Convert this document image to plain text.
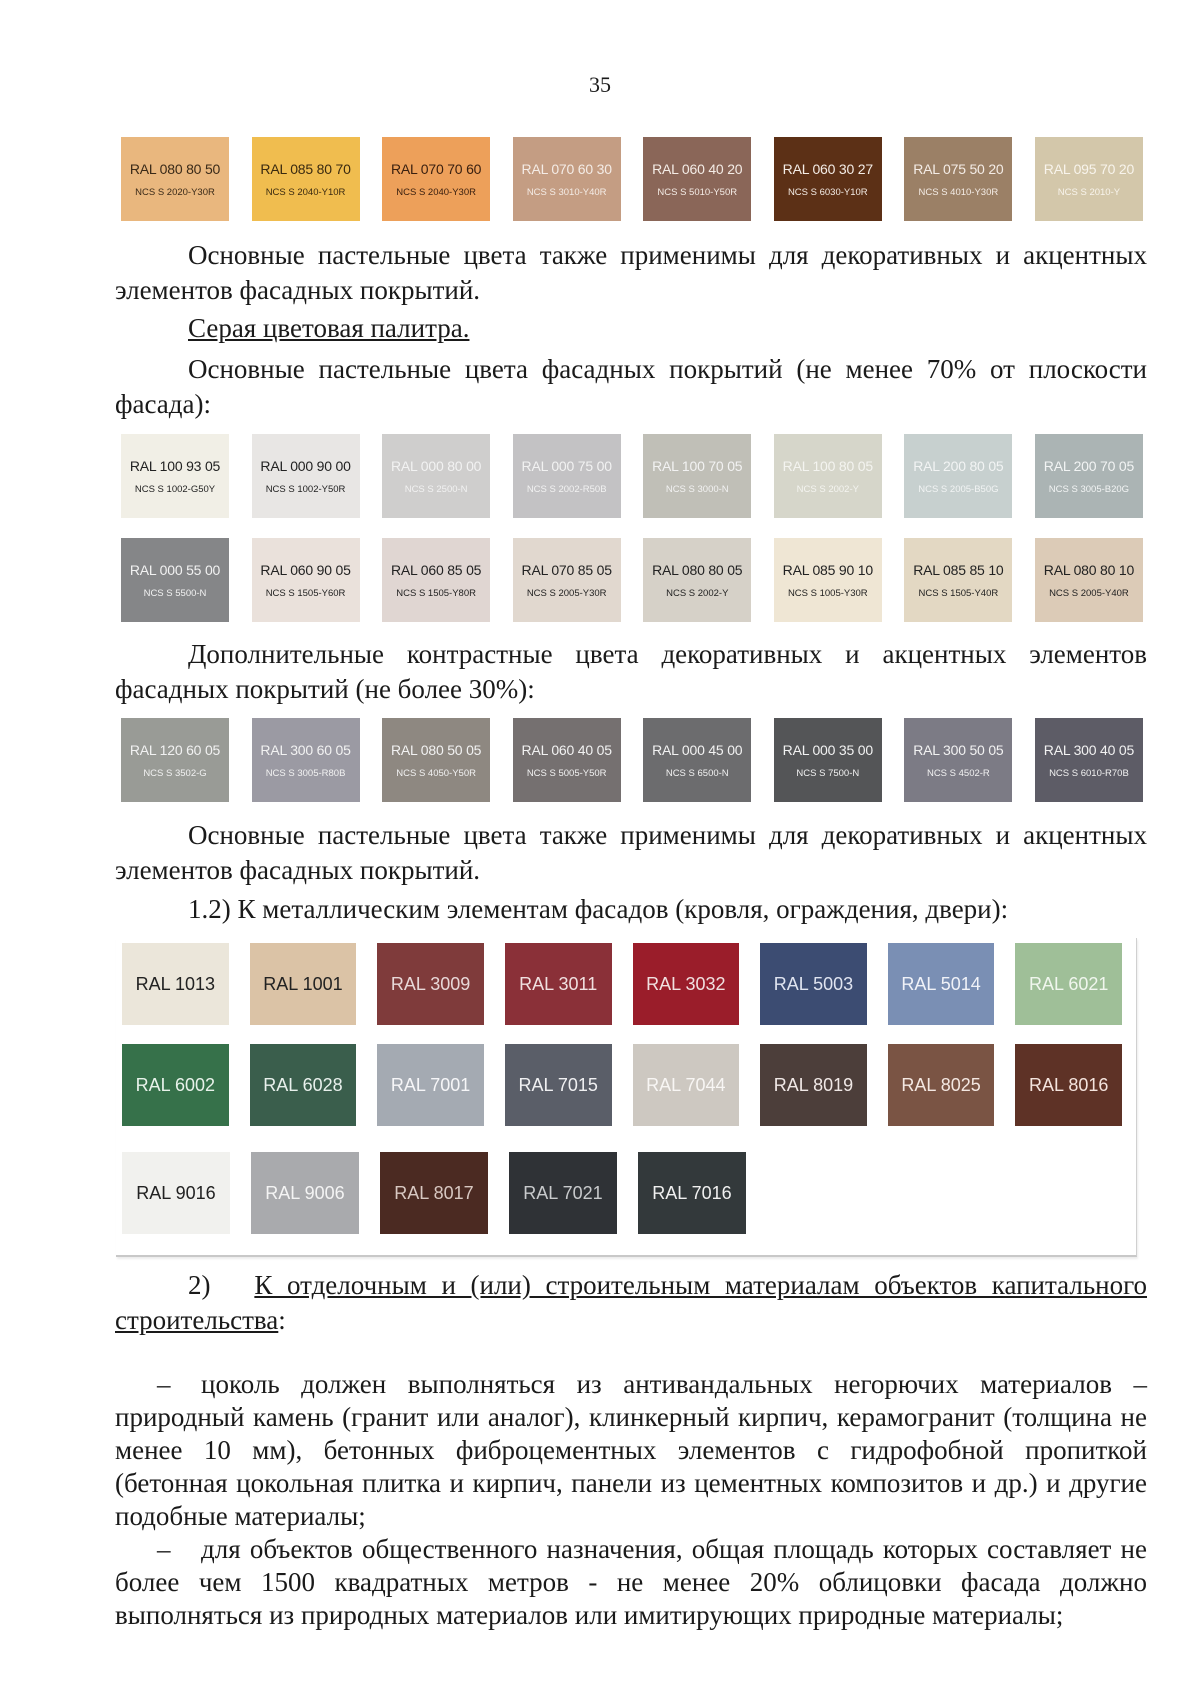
35
RAL 080 80 50
NCS S 2020-Y30R
RAL 085 80 70
NCS S 2040-Y10R
RAL 070 70 60
NCS S 2040-Y30R
RAL 070 60 30
NCS S 3010-Y40R
RAL 060 40 20
NCS S 5010-Y50R
RAL 060 30 27
NCS S 6030-Y10R
RAL 075 50 20
NCS S 4010-Y30R
RAL 095 70 20
NCS S 2010-Y

Основные пастельные цвета также применимы для декоративных и акцентных элементов фасадных покрытий.

Серая цветовая палитра.

Основные пастельные цвета фасадных покрытий (не менее 70% от плоскости фасада):

RAL 100 93 05
NCS S 1002-G50Y
RAL 000 90 00
NCS S 1002-Y50R
RAL 000 80 00
NCS S 2500-N
RAL 000 75 00
NCS S 2002-R50B
RAL 100 70 05
NCS S 3000-N
RAL 100 80 05
NCS S 2002-Y
RAL 200 80 05
NCS S 2005-B50G
RAL 200 70 05
NCS S 3005-B20G
RAL 000 55 00
NCS S 5500-N
RAL 060 90 05
NCS S 1505-Y60R
RAL 060 85 05
NCS S 1505-Y80R
RAL 070 85 05
NCS S 2005-Y30R
RAL 080 80 05
NCS S 2002-Y
RAL 085 90 10
NCS S 1005-Y30R
RAL 085 85 10
NCS S 1505-Y40R
RAL 080 80 10
NCS S 2005-Y40R

Дополнительные контрастные цвета декоративных и акцентных элементов фасадных покрытий (не более 30%):

RAL 120 60 05
NCS S 3502-G
RAL 300 60 05
NCS S 3005-R80B
RAL 080 50 05
NCS S 4050-Y50R
RAL 060 40 05
NCS S 5005-Y50R
RAL 000 45 00
NCS S 6500-N
RAL 000 35 00
NCS S 7500-N
RAL 300 50 05
NCS S 4502-R
RAL 300 40 05
NCS S 6010-R70B

Основные пастельные цвета также применимы для декоративных и акцентных элементов фасадных покрытий.

1.2) К металлическим элементам фасадов (кровля, ограждения, двери):

RAL 1013	RAL 1001	RAL 3009	RAL 3011	RAL 3032	RAL 5003	RAL 5014	RAL 6021
RAL 6002	RAL 6028	RAL 7001	RAL 7015	RAL 7044	RAL 8019	RAL 8025	RAL 8016
RAL 9016	RAL 9006	RAL 8017	RAL 7021	RAL 7016

2) К отделочным и (или) строительным материалам объектов капитального строительства:

– цоколь должен выполняться из антивандальных негорючих материалов – природный камень (гранит или аналог), клинкерный кирпич, керамогранит (толщина не менее 10 мм), бетонных фиброцементных элементов с гидрофобной пропиткой (бетонная цокольная плитка и кирпич, панели из цементных композитов и др.) и другие подобные материалы;

– для объектов общественного назначения, общая площадь которых составляет не более чем 1500 квадратных метров - не менее 20% облицовки фасада должно выполняться из природных материалов или имитирующих природные материалы;
